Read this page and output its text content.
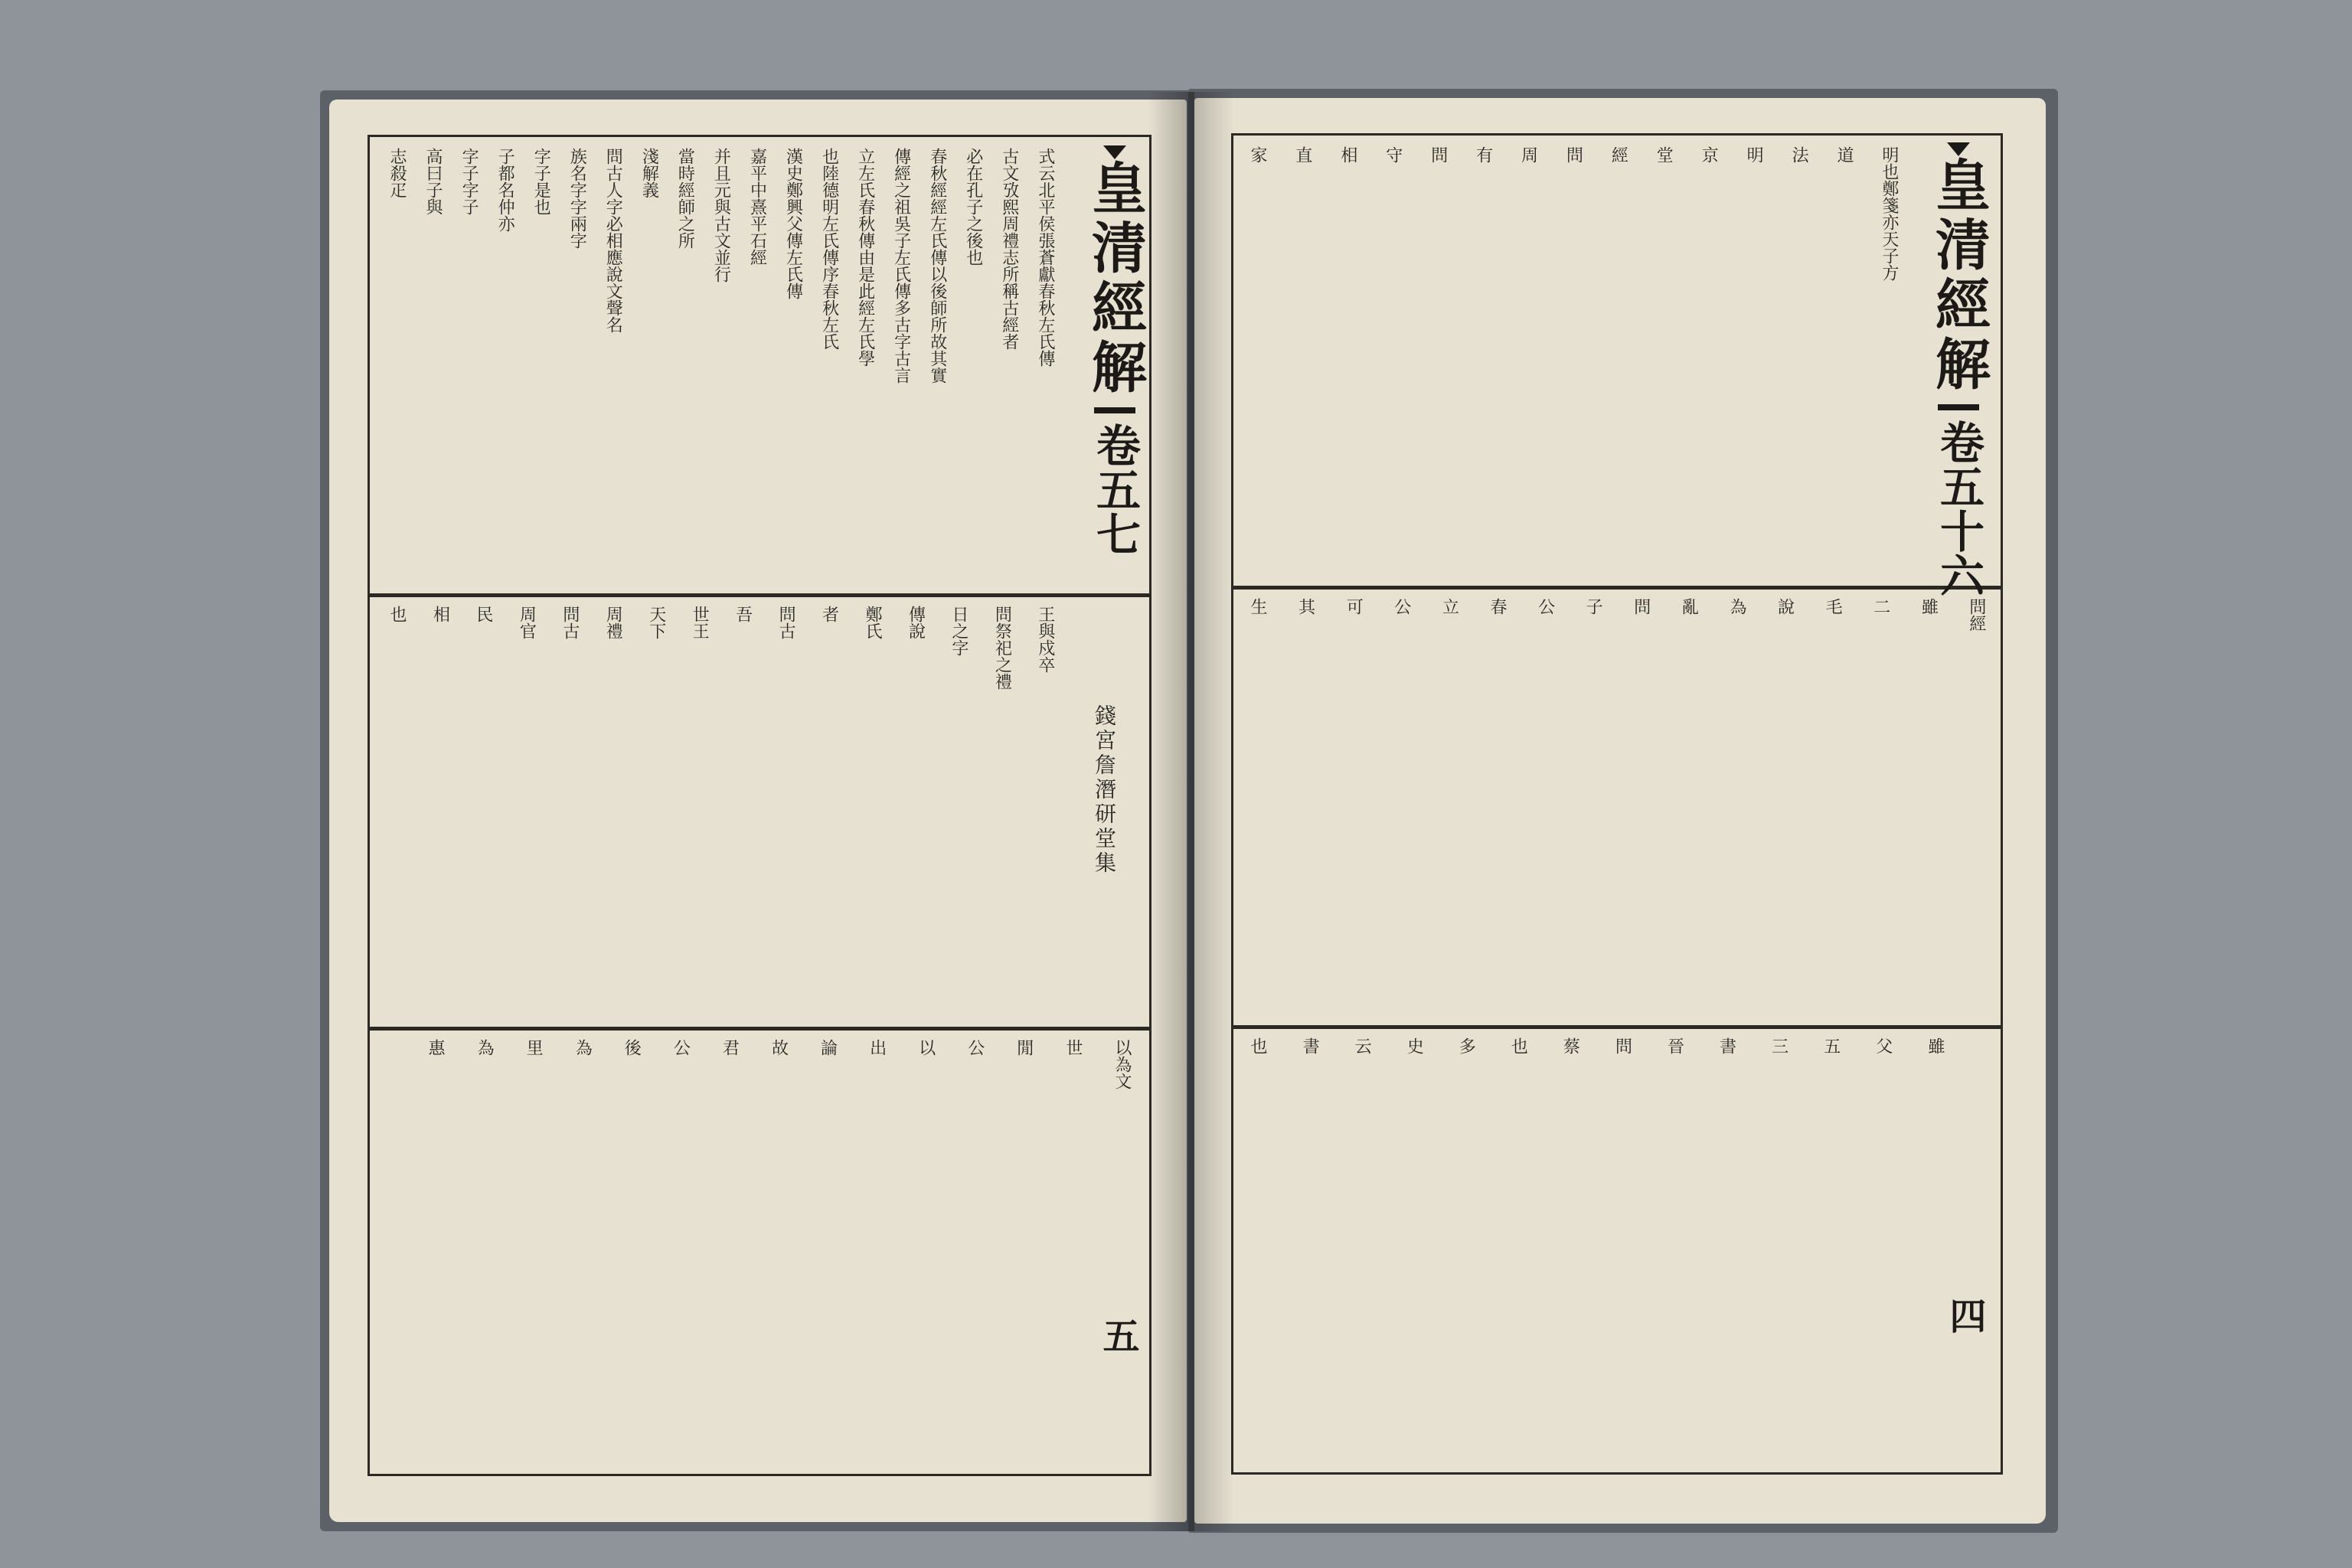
式云北平侯張蒼獻春秋左氏傳
古文攷熙周禮志所稱古經者
必在孔子之後也
春秋經經左氏傳以後師所故其實
傳經之祖吳子左氏傳多古字古言
立左氏春秋傳由是此經左氏學
也陸德明左氏傳序春秋左氏
漢史鄭興父傳左氏傳
嘉平中熹平石經
并且元與古文並行
當時經師之所
淺解義
問古人字必相應說文聲名
族名字字兩字
字子是也
子都名仲亦
字子字子
高曰子與
志殺疋
王與戍卒
問祭祀之禮
日之字
傳說
鄭氏
者
問古
吾
世王
天下
周禮
問古
周官
民
相
也
以為文
世
閒
公
以
出
論
故
君
公
後
為
里
為
惠
皇清經解
卷五七
錢宮詹潛研堂集
五
明也鄭箋亦天子方
道
法
明
京
堂
經
問
周
有
問
守
相
直
家
問經
雖
二
毛
說
為
亂
問
子
公
春
立
公
可
其
生
雖
父
五
三
書
晉
問
蔡
也
多
史
云
書
也
皇清經解
卷五十六
四
